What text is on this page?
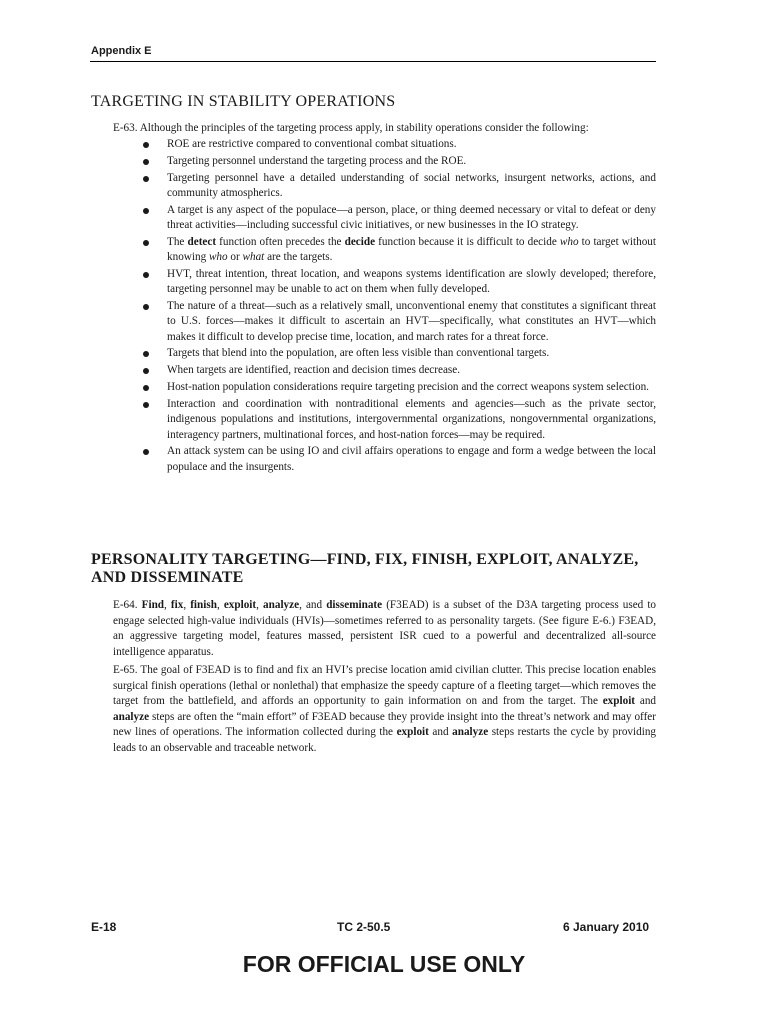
Appendix E
TARGETING IN STABILITY OPERATIONS
E-63. Although the principles of the targeting process apply, in stability operations consider the following:
ROE are restrictive compared to conventional combat situations.
Targeting personnel understand the targeting process and the ROE.
Targeting personnel have a detailed understanding of social networks, insurgent networks, actions, and community atmospherics.
A target is any aspect of the populace—a person, place, or thing deemed necessary or vital to defeat or deny threat activities—including successful civic initiatives, or new businesses in the IO strategy.
The detect function often precedes the decide function because it is difficult to decide who to target without knowing who or what are the targets.
HVT, threat intention, threat location, and weapons systems identification are slowly developed; therefore, targeting personnel may be unable to act on them when fully developed.
The nature of a threat—such as a relatively small, unconventional enemy that constitutes a significant threat to U.S. forces—makes it difficult to ascertain an HVT—specifically, what constitutes an HVT—which makes it difficult to develop precise time, location, and march rates for a threat force.
Targets that blend into the population, are often less visible than conventional targets.
When targets are identified, reaction and decision times decrease.
Host-nation population considerations require targeting precision and the correct weapons system selection.
Interaction and coordination with nontraditional elements and agencies—such as the private sector, indigenous populations and institutions, intergovernmental organizations, nongovernmental organizations, interagency partners, multinational forces, and host-nation forces—may be required.
An attack system can be using IO and civil affairs operations to engage and form a wedge between the local populace and the insurgents.
PERSONALITY TARGETING—FIND, FIX, FINISH, EXPLOIT, ANALYZE, AND DISSEMINATE
E-64. Find, fix, finish, exploit, analyze, and disseminate (F3EAD) is a subset of the D3A targeting process used to engage selected high-value individuals (HVIs)—sometimes referred to as personality targets. (See figure E-6.) F3EAD, an aggressive targeting model, features massed, persistent ISR cued to a powerful and decentralized all-source intelligence apparatus.
E-65. The goal of F3EAD is to find and fix an HVI’s precise location amid civilian clutter. This precise location enables surgical finish operations (lethal or nonlethal) that emphasize the speedy capture of a fleeting target—which removes the target from the battlefield, and affords an opportunity to gain information on and from the target. The exploit and analyze steps are often the “main effort” of F3EAD because they provide insight into the threat’s network and may offer new lines of operations. The information collected during the exploit and analyze steps restarts the cycle by providing leads to an observable and traceable network.
E-18	TC 2-50.5	6 January 2010
FOR OFFICIAL USE ONLY
